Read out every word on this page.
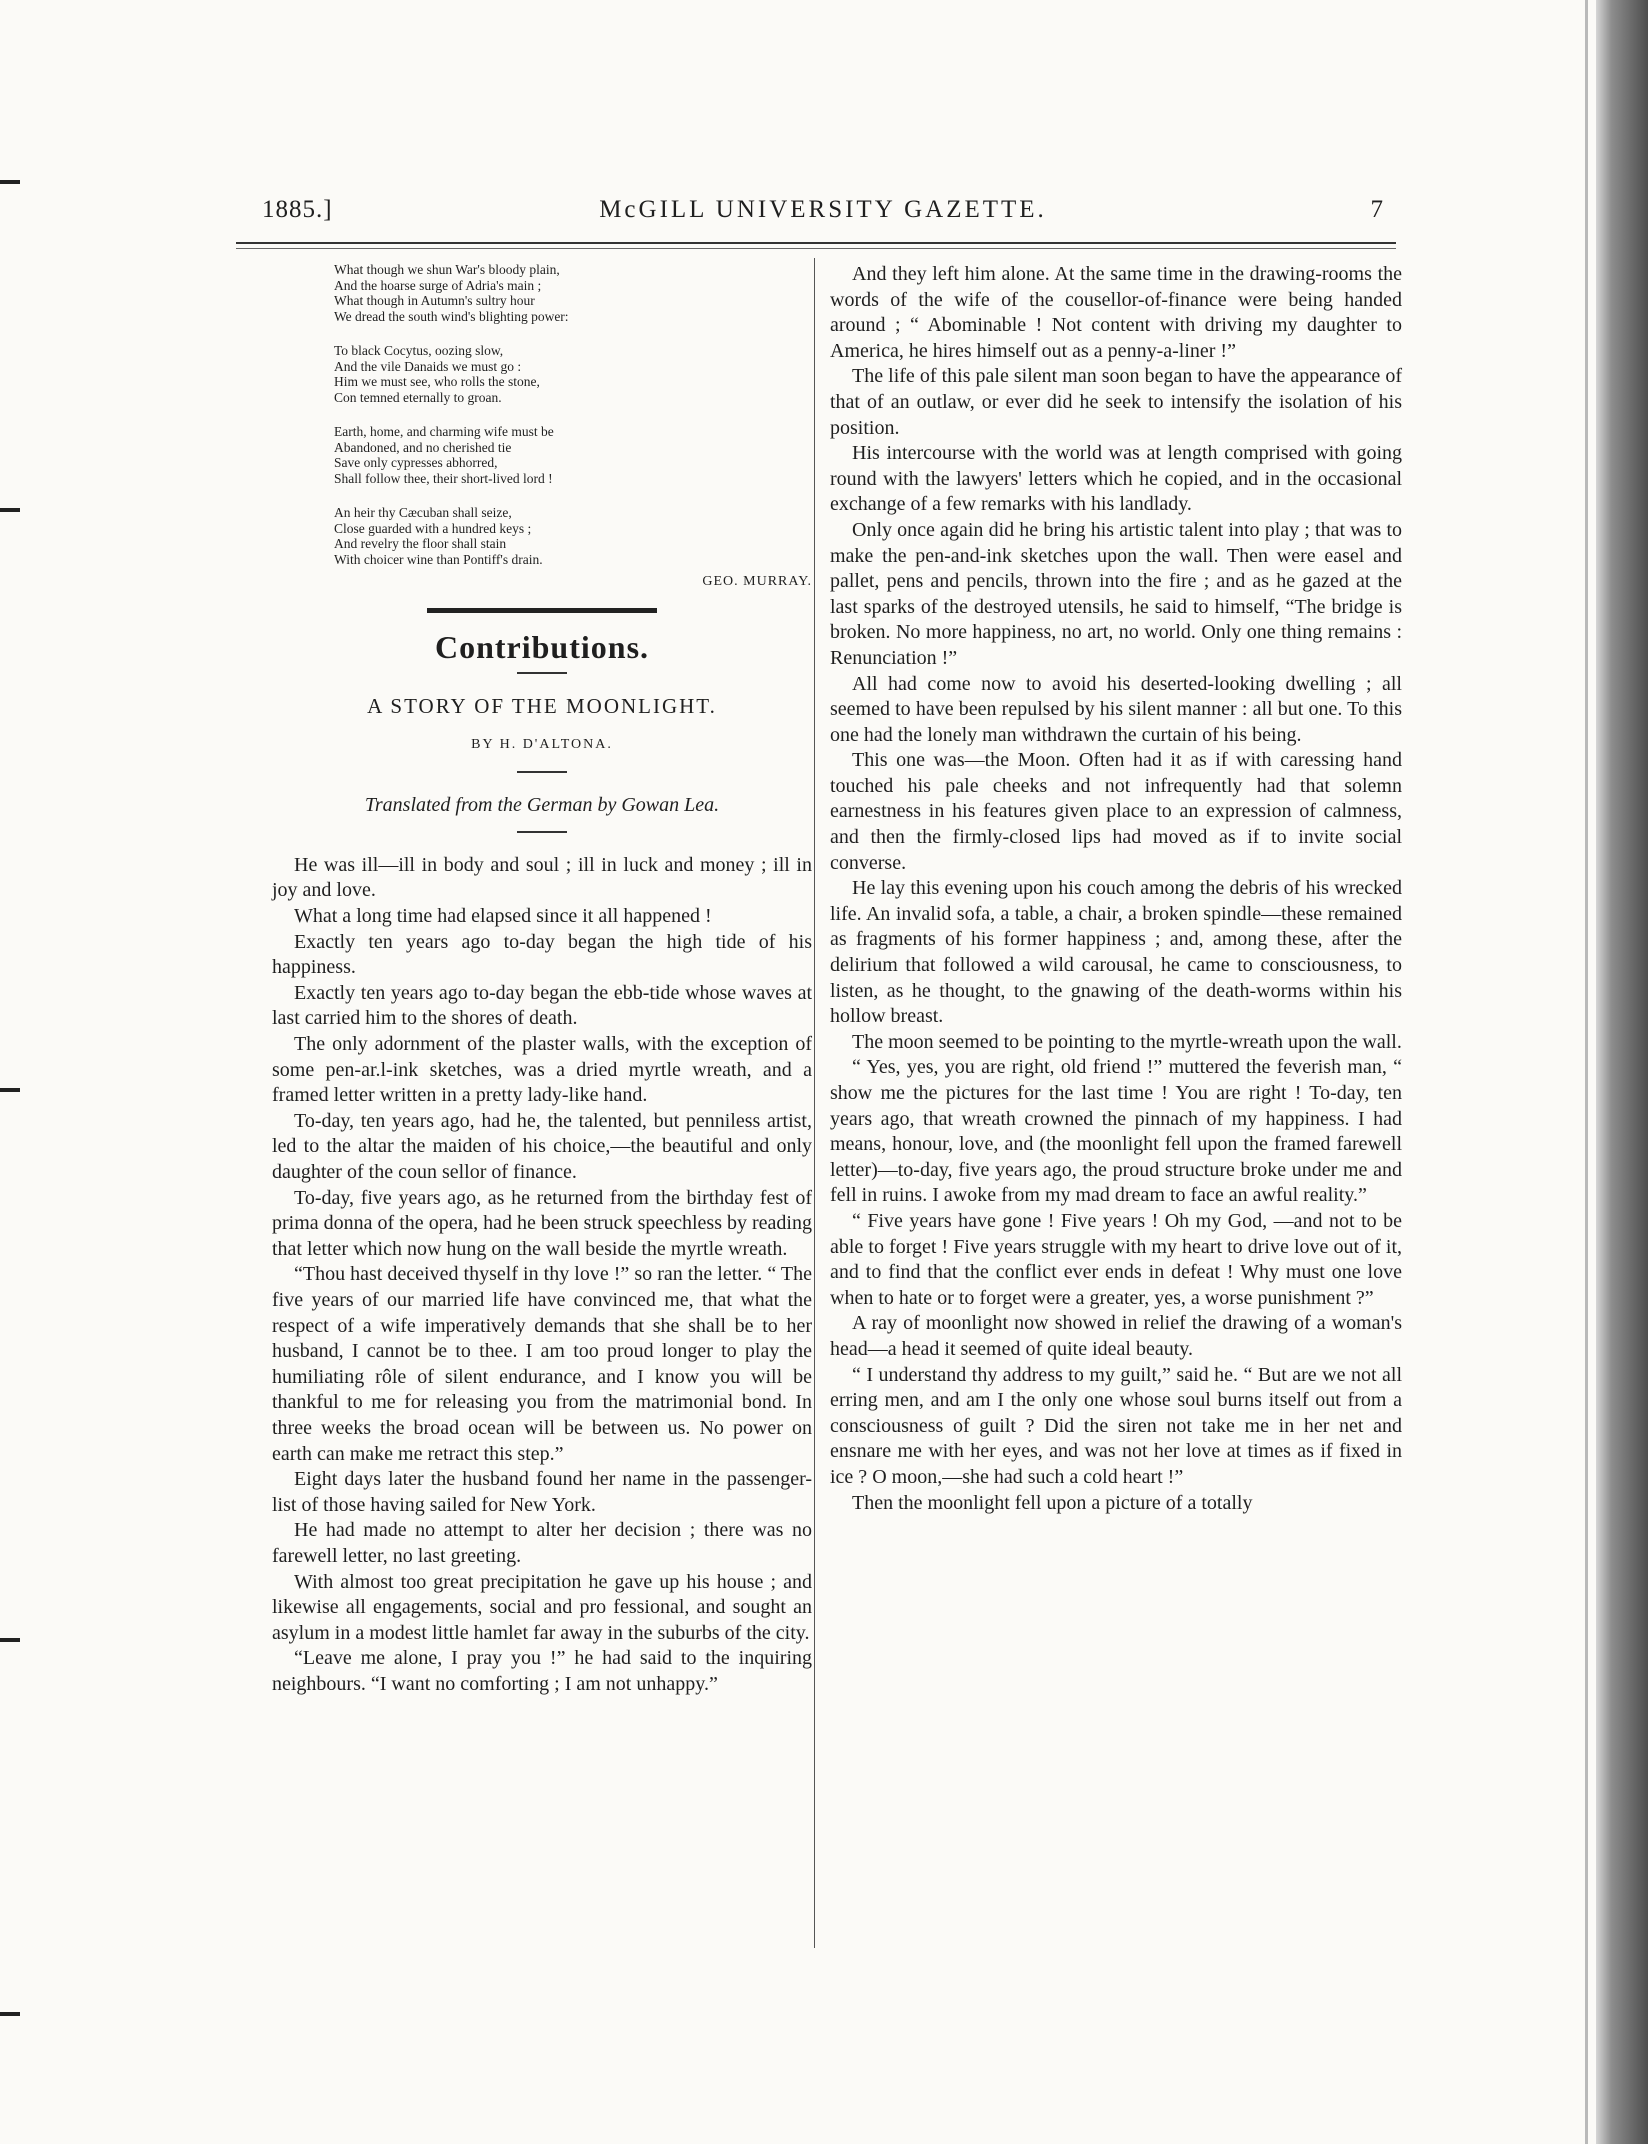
1885.]	McGILL UNIVERSITY GAZETTE.	7
What though we shun War's bloody plain,
And the hoarse surge of Adria's main ;
What though in Autumn's sultry hour
We dread the south wind's blighting power:
To black Cocytus, oozing slow,
And the vile Danaids we must go :
Him we must see, who rolls the stone,
Con temned eternally to groan.
Earth, home, and charming wife must be
Abandoned, and no cherished tie
Save only cypresses abhorred,
Shall follow thee, their short-lived lord !
An heir thy Cæcuban shall seize,
Close guarded with a hundred keys ;
And revelry the floor shall stain
With choicer wine than Pontiff's drain.
GEO. MURRAY.
Contributions.
A STORY OF THE MOONLIGHT.
BY H. D'ALTONA.
Translated from the German by Gowan Lea.

He was ill—ill in body and soul ; ill in luck and money ; ill in joy and love.

What a long time had elapsed since it all happened !

Exactly ten years ago to-day began the high tide of his happiness.

Exactly ten years ago to-day began the ebb-tide whose waves at last carried him to the shores of death.

The only adornment of the plaster walls, with the exception of some pen-ar.l-ink sketches, was a dried myrtle wreath, and a framed letter written in a pretty lady-like hand.

To-day, ten years ago, had he, the talented, but penniless artist, led to the altar the maiden of his choice,—the beautiful and only daughter of the coun sellor of finance.

To-day, five years ago, as he returned from the birthday fest of prima donna of the opera, had he been struck speechless by reading that letter which now hung on the wall beside the myrtle wreath.

“Thou hast deceived thyself in thy love !” so ran the letter. “ The five years of our married life have convinced me, that what the respect of a wife imperatively demands that she shall be to her husband, I cannot be to thee. I am too proud longer to play the humiliating rôle of silent endurance, and I know you will be thankful to me for releasing you from the matrimonial bond. In three weeks the broad ocean will be between us. No power on earth can make me retract this step.”

Eight days later the husband found her name in the passenger-list of those having sailed for New York.

He had made no attempt to alter her decision ; there was no farewell letter, no last greeting.

With almost too great precipitation he gave up his house ; and likewise all engagements, social and pro fessional, and sought an asylum in a modest little hamlet far away in the suburbs of the city.

“Leave me alone, I pray you !” he had said to the inquiring neighbours. “I want no comforting ; I am not unhappy.”

And they left him alone. At the same time in the drawing-rooms the words of the wife of the cousellor-of-finance were being handed around ; “ Abominable ! Not content with driving my daughter to America, he hires himself out as a penny-a-liner !”

The life of this pale silent man soon began to have the appearance of that of an outlaw, or ever did he seek to intensify the isolation of his position.

His intercourse with the world was at length comprised with going round with the lawyers' letters which he copied, and in the occasional exchange of a few remarks with his landlady.

Only once again did he bring his artistic talent into play ; that was to make the pen-and-ink sketches upon the wall. Then were easel and pallet, pens and pencils, thrown into the fire ; and as he gazed at the last sparks of the destroyed utensils, he said to himself, “The bridge is broken. No more happiness, no art, no world. Only one thing remains : Renunciation !”

All had come now to avoid his deserted-looking dwelling ; all seemed to have been repulsed by his silent manner : all but one. To this one had the lonely man withdrawn the curtain of his being.

This one was—the Moon. Often had it as if with caressing hand touched his pale cheeks and not infrequently had that solemn earnestness in his features given place to an expression of calmness, and then the firmly-closed lips had moved as if to invite social converse.

He lay this evening upon his couch among the debris of his wrecked life. An invalid sofa, a table, a chair, a broken spindle—these remained as fragments of his former happiness ; and, among these, after the delirium that followed a wild carousal, he came to consciousness, to listen, as he thought, to the gnawing of the death-worms within his hollow breast.

The moon seemed to be pointing to the myrtle-wreath upon the wall.

“ Yes, yes, you are right, old friend !” muttered the feverish man, “ show me the pictures for the last time ! You are right ! To-day, ten years ago, that wreath crowned the pinnach of my happiness. I had means, honour, love, and (the moonlight fell upon the framed farewell letter)—to-day, five years ago, the proud structure broke under me and fell in ruins. I awoke from my mad dream to face an awful reality.”

“ Five years have gone ! Five years ! Oh my God, —and not to be able to forget ! Five years struggle with my heart to drive love out of it, and to find that the conflict ever ends in defeat ! Why must one love when to hate or to forget were a greater, yes, a worse punishment ?”

A ray of moonlight now showed in relief the drawing of a woman's head—a head it seemed of quite ideal beauty.

“ I understand thy address to my guilt,” said he. “ But are we not all erring men, and am I the only one whose soul burns itself out from a consciousness of guilt ? Did the siren not take me in her net and ensnare me with her eyes, and was not her love at times as if fixed in ice ? O moon,—she had such a cold heart !”

Then the moonlight fell upon a picture of a totally
